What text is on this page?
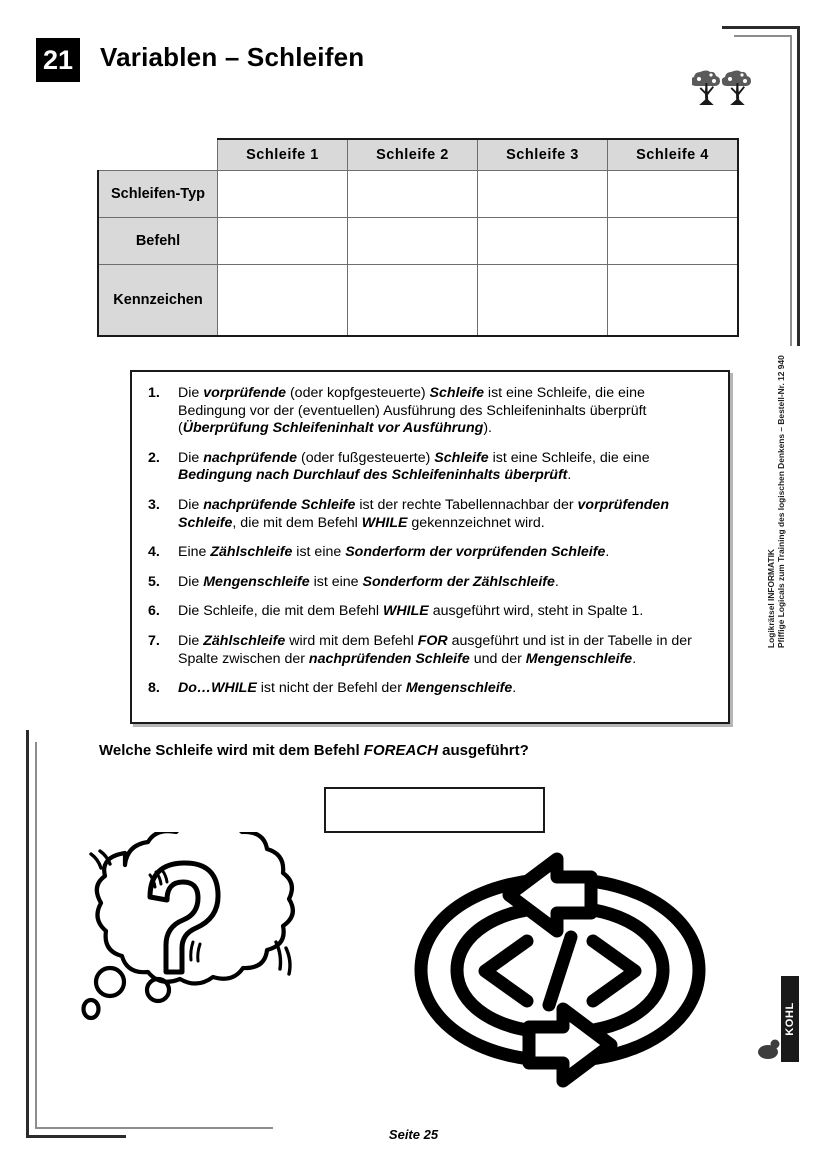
21 Variablen – Schleifen
	Schleife 1	Schleife 2	Schleife 3	Schleife 4
Schleifen-Typ				
Befehl				
Kennzeichen				
1. Die vorprüfende (oder kopfgesteuerte) Schleife ist eine Schleife, die eine Bedingung vor der (eventuellen) Ausführung des Schleifeninhalts überprüft (Überprüfung Schleifeninhalt vor Ausführung).
2. Die nachprüfende (oder fußgesteuerte) Schleife ist eine Schleife, die eine Bedingung nach Durchlauf des Schleifeninhalts überprüft.
3. Die nachprüfende Schleife ist der rechte Tabellennachbar der vorprüfenden Schleife, die mit dem Befehl WHILE gekennzeichnet wird.
4. Eine Zählschleife ist eine Sonderform der vorprüfenden Schleife.
5. Die Mengenschleife ist eine Sonderform der Zählschleife.
6. Die Schleife, die mit dem Befehl WHILE ausgeführt wird, steht in Spalte 1.
7. Die Zählschleife wird mit dem Befehl FOR ausgeführt und ist in der Tabelle in der Spalte zwischen der nachprüfenden Schleife und der Mengenschleife.
8. Do…WHILE ist nicht der Befehl der Mengenschleife.
Welche Schleife wird mit dem Befehl FOREACH ausgeführt?
Logikrätsel INFORMATIK Pfiffige Logicals zum Training des logischen Denkens – Bestell-Nr. 12 940
KOHL VERLAG
Seite 25
